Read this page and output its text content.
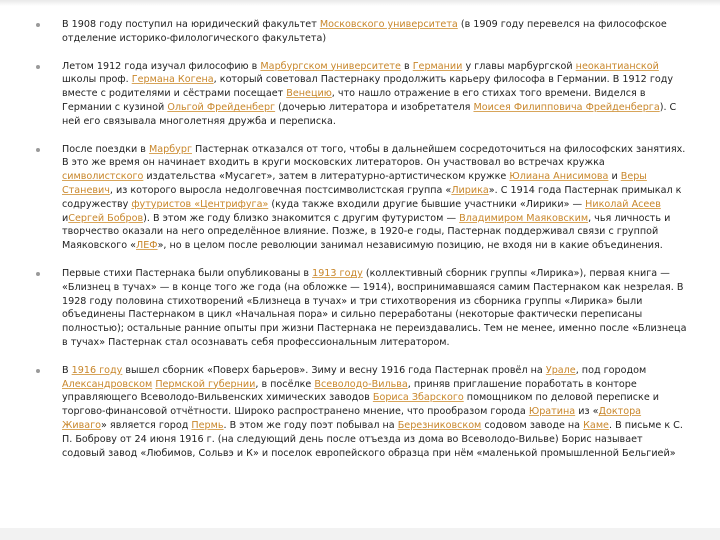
В 1908 году поступил на юридический факультет Московского университета (в 1909 году перевелся на философское отделение историко-филологического факультета)

Летом 1912 года изучал философию в Марбургском университете в Германии у главы марбургской неокантианской школы проф. Германа Когена, который советовал Пастернаку продолжить карьеру философа в Германии. В 1912 году вместе с родителями и сёстрами посещает Венецию, что нашло отражение в его стихах того времени. Виделся в Германии с кузиной Ольгой Фрейденберг (дочерью литератора и изобретателя Моисея Филипповича Фрейденберга). С ней его связывала многолетняя дружба и переписка.

После поездки в Марбург Пастернак отказался от того, чтобы в дальнейшем сосредоточиться на философских занятиях. В это же время он начинает входить в круги московских литераторов. Он участвовал во встречах кружка символистского издательства «Мусагет», затем в литературно-артистическом кружке Юлиана Анисимова и Веры Станевич, из которого выросла недолговечная постсимволистская группа «Лирика». С 1914 года Пастернак примыкал к содружеству футуристов «Центрифуга» (куда также входили другие бывшие участники «Лирики» — Николай Асеев иСергей Бобров). В этом же году близко знакомится с другим футуристом — Владимиром Маяковским, чья личность и творчество оказали на него определённое влияние. Позже, в 1920-е годы, Пастернак поддерживал связи с группой Маяковского «ЛЕФ», но в целом после революции занимал независимую позицию, не входя ни в какие объединения.

Первые стихи Пастернака были опубликованы в 1913 году (коллективный сборник группы «Лирика»), первая книга — «Близнец в тучах» — в конце того же года (на обложке — 1914), воспринимавшаяся самим Пастернаком как незрелая. В 1928 году половина стихотворений «Близнеца в тучах» и три стихотворения из сборника группы «Лирика» были объединены Пастернаком в цикл «Начальная пора» и сильно переработаны (некоторые фактически переписаны полностью); остальные ранние опыты при жизни Пастернака не переиздавались. Тем не менее, именно после «Близнеца в тучах» Пастернак стал осознавать себя профессиональным литератором.

В 1916 году вышел сборник «Поверх барьеров». Зиму и весну 1916 года Пастернак провёл на Урале, под городом Александровском Пермской губернии, в посёлке Всеволодо-Вильва, приняв приглашение поработать в конторе управляющего Всеволодо-Вильвенских химических заводов Бориса Збарского помощником по деловой переписке и торгово-финансовой отчётности. Широко распространено мнение, что прообразом города Юратина из «Доктора Живаго» является город Пермь. В этом же году поэт побывал на Березниковском содовом заводе на Каме. В письме к С. П. Боброву от 24 июня 1916 г. (на следующий день после отъезда из дома во Всеволодо-Вильве) Борис называет содовый завод «Любимов, Сольвэ и К» и поселок европейского образца при нём «маленькой промышленной Бельгией»
